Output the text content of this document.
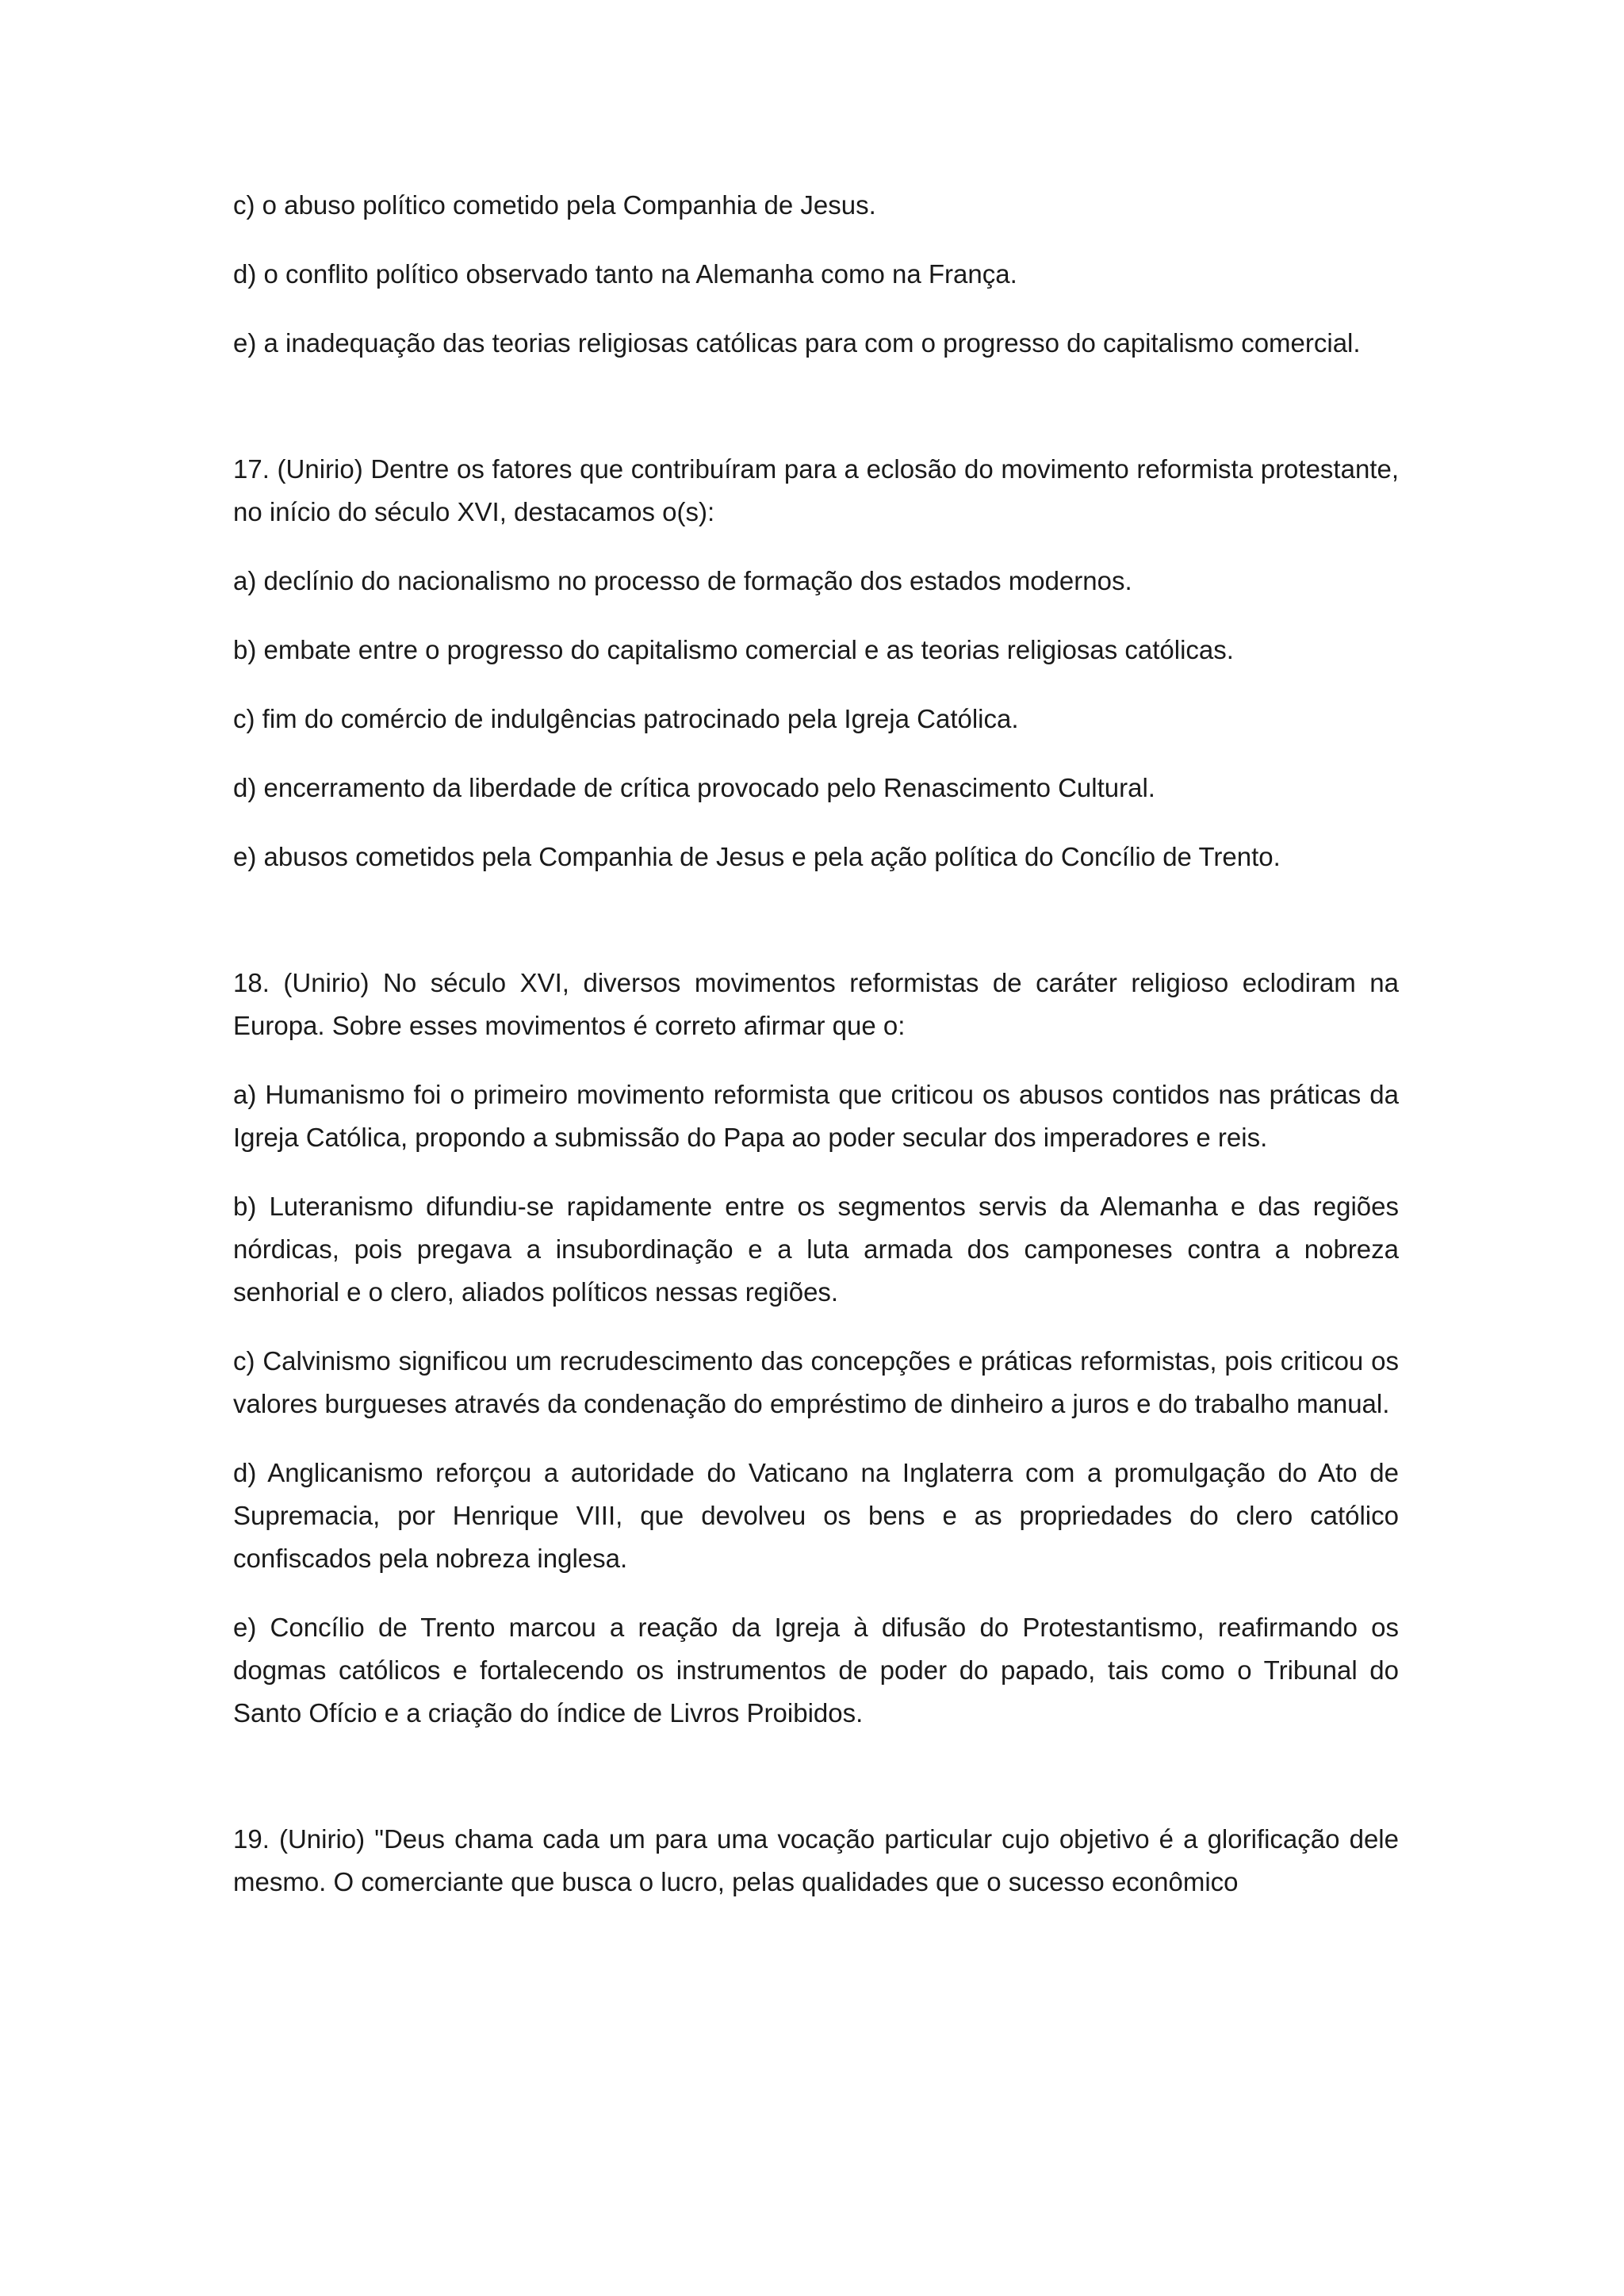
c) o abuso político cometido pela Companhia de Jesus.

d) o conflito político observado tanto na Alemanha como na França.

e) a inadequação das teorias religiosas católicas para com o progresso do capitalismo comercial.

17. (Unirio) Dentre os fatores que contribuíram para a eclosão do movimento reformista protestante, no início do século XVI, destacamos o(s):

a) declínio do nacionalismo no processo de formação dos estados modernos.

b) embate entre o progresso do capitalismo comercial e as teorias religiosas católicas.

c) fim do comércio de indulgências patrocinado pela Igreja Católica.

d) encerramento da liberdade de crítica provocado pelo Renascimento Cultural.

e) abusos cometidos pela Companhia de Jesus e pela ação política do Concílio de Trento.

18. (Unirio) No século XVI, diversos movimentos reformistas de caráter religioso eclodiram na Europa. Sobre esses movimentos é correto afirmar que o:

a) Humanismo foi o primeiro movimento reformista que criticou os abusos contidos nas práticas da Igreja Católica, propondo a submissão do Papa ao poder secular dos imperadores e reis.

b) Luteranismo difundiu-se rapidamente entre os segmentos servis da Alemanha e das regiões nórdicas, pois pregava a insubordinação e a luta armada dos camponeses contra a nobreza senhorial e o clero, aliados políticos nessas regiões.

c) Calvinismo significou um recrudescimento das concepções e práticas reformistas, pois criticou os valores burgueses através da condenação do empréstimo de dinheiro a juros e do trabalho manual.

d) Anglicanismo reforçou a autoridade do Vaticano na Inglaterra com a promulgação do Ato de Supremacia, por Henrique VIII, que devolveu os bens e as propriedades do clero católico confiscados pela nobreza inglesa.

e) Concílio de Trento marcou a reação da Igreja à difusão do Protestantismo, reafirmando os dogmas católicos e fortalecendo os instrumentos de poder do papado, tais como o Tribunal do Santo Ofício e a criação do índice de Livros Proibidos.

19. (Unirio) "Deus chama cada um para uma vocação particular cujo objetivo é a glorificação dele mesmo. O comerciante que busca o lucro, pelas qualidades que o sucesso econômico
